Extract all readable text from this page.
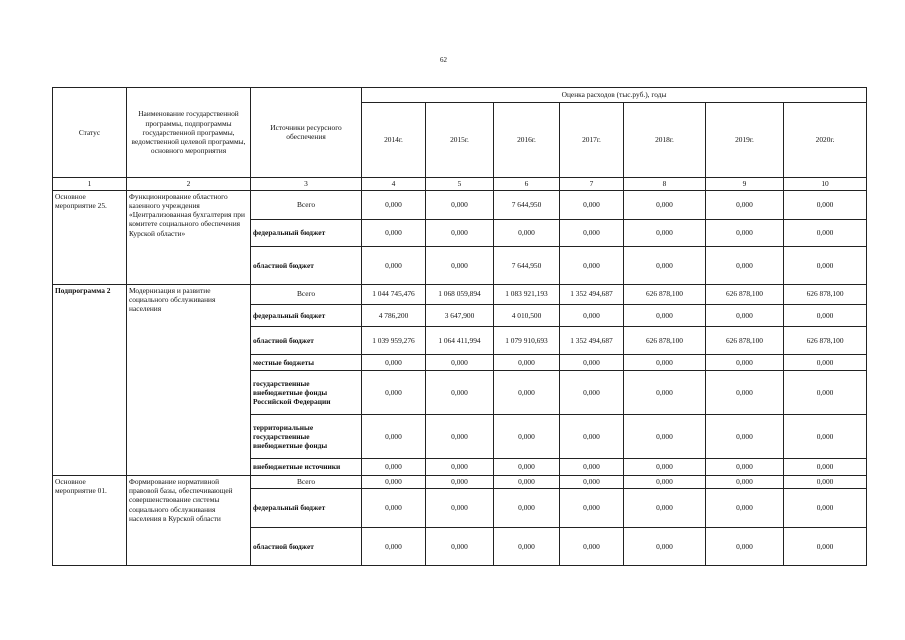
62
Статус	Наименование государственной программы, подпрограммы государственной программы, ведомственной целевой программы, основного мероприятия	Источники ресурсного обеспечения	Оценка расходов (тыс.руб.), годы						
			2014г.	2015г.	2016г.	2017г.	2018г.	2019г.	2020г.
1	2	3	4	5	6	7	8	9	10
Основное мероприятие 25.	Функционирование областного казенного учреждения «Централизованная бухгалтерия при комитете социального обеспечения Курской области»	Всего	0,000	0,000	7 644,950	0,000	0,000	0,000	0,000
		федеральный бюджет	0,000	0,000	0,000	0,000	0,000	0,000	0,000
		областной бюджет	0,000	0,000	7 644,950	0,000	0,000	0,000	0,000
Подпрограмма 2	Модернизация и развитие социального обслуживания населения	Всего	1 044 745,476	1 068 059,894	1 083 921,193	1 352 494,687	626 878,100	626 878,100	626 878,100
		федеральный бюджет	4 786,200	3 647,900	4 010,500	0,000	0,000	0,000	0,000
		областной бюджет	1 039 959,276	1 064 411,994	1 079 910,693	1 352 494,687	626 878,100	626 878,100	626 878,100
		местные бюджеты	0,000	0,000	0,000	0,000	0,000	0,000	0,000
		государственные внебюджетные фонды Российской Федерации	0,000	0,000	0,000	0,000	0,000	0,000	0,000
		территориальные государственные внебюджетные фонды	0,000	0,000	0,000	0,000	0,000	0,000	0,000
		внебюджетные источники	0,000	0,000	0,000	0,000	0,000	0,000	0,000
Основное мероприятие 01.	Формирование нормативной правовой базы, обеспечивающей совершенствование системы социального обслуживания населения в Курской области	Всего	0,000	0,000	0,000	0,000	0,000	0,000	0,000
		федеральный бюджет	0,000	0,000	0,000	0,000	0,000	0,000	0,000
		областной бюджет	0,000	0,000	0,000	0,000	0,000	0,000	0,000
